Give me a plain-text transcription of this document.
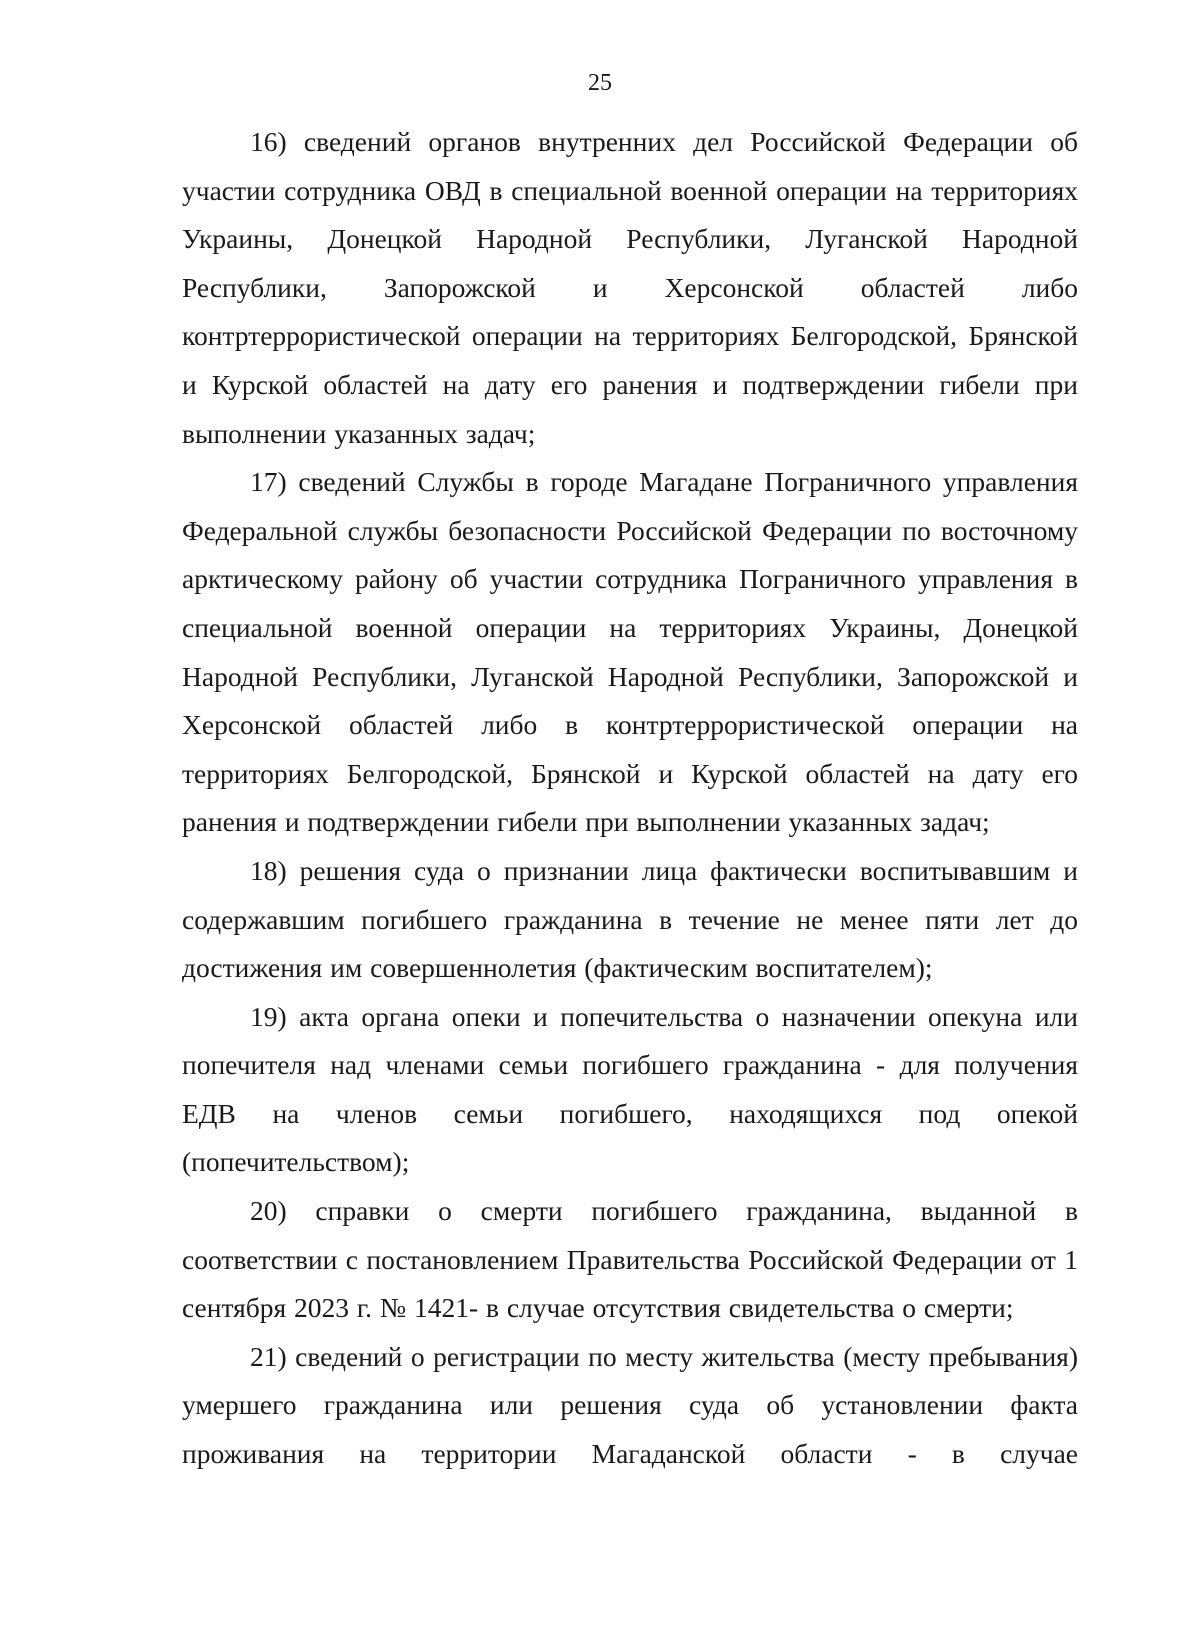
25

16) сведений органов внутренних дел Российской Федерации об участии сотрудника ОВД в специальной военной операции на территориях Украины, Донецкой Народной Республики, Луганской Народной Республики, Запорожской и Херсонской областей либо контртеррористической операции на территориях Белгородской, Брянской и Курской областей на дату его ранения и подтверждении гибели при выполнении указанных задач;

17) сведений Службы в городе Магадане Пограничного управления Федеральной службы безопасности Российской Федерации по восточному арктическому району об участии сотрудника Пограничного управления в специальной военной операции на территориях Украины, Донецкой Народной Республики, Луганской Народной Республики, Запорожской и Херсонской областей либо в контртеррористической операции на территориях Белгородской, Брянской и Курской областей на дату его ранения и подтверждении гибели при выполнении указанных задач;

18) решения суда о признании лица фактически воспитывавшим и содержавшим погибшего гражданина в течение не менее пяти лет до достижения им совершеннолетия (фактическим воспитателем);

19) акта органа опеки и попечительства о назначении опекуна или попечителя над членами семьи погибшего гражданина - для получения ЕДВ на членов семьи погибшего, находящихся под опекой (попечительством);

20) справки о смерти погибшего гражданина, выданной в соответствии с постановлением Правительства Российской Федерации от 1 сентября 2023 г. № 1421- в случае отсутствия свидетельства о смерти;

21) сведений о регистрации по месту жительства (месту пребывания) умершего гражданина или решения суда об установлении факта проживания на территории Магаданской области - в случае
